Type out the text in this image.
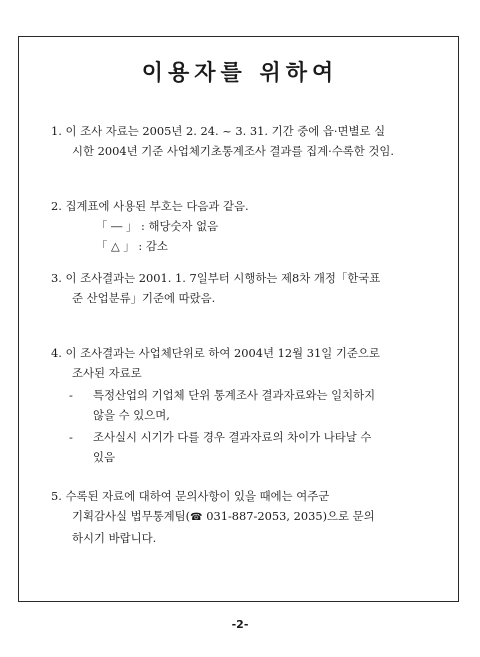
이용자를 위하여
1. 이 조사 자료는 2005년 2. 24. ~ 3. 31. 기간 중에 읍·면별로 실
시한 2004년 기준 사업체기초통계조사 결과를 집계·수록한 것임.
2. 집계표에 사용된 부호는 다음과 같음.
「 ― 」 : 해당숫자 없음
「 △ 」 : 감소
3. 이 조사결과는 2001. 1. 7일부터 시행하는 제8차 개정「한국표
준 산업분류」기준에 따랐음.
4. 이 조사결과는 사업체단위로 하여 2004년 12월 31일 기준으로
조사된 자료로
- 특정산업의 기업체 단위 통계조사 결과자료와는 일치하지
않을 수 있으며,
- 조사실시 시기가 다를 경우 결과자료의 차이가 나타날 수
있음
5. 수록된 자료에 대하여 문의사항이 있을 때에는 여주군
기획감사실 법무통계팀(☎ 031-887-2053, 2035)으로 문의
하시기 바랍니다.
-2-
